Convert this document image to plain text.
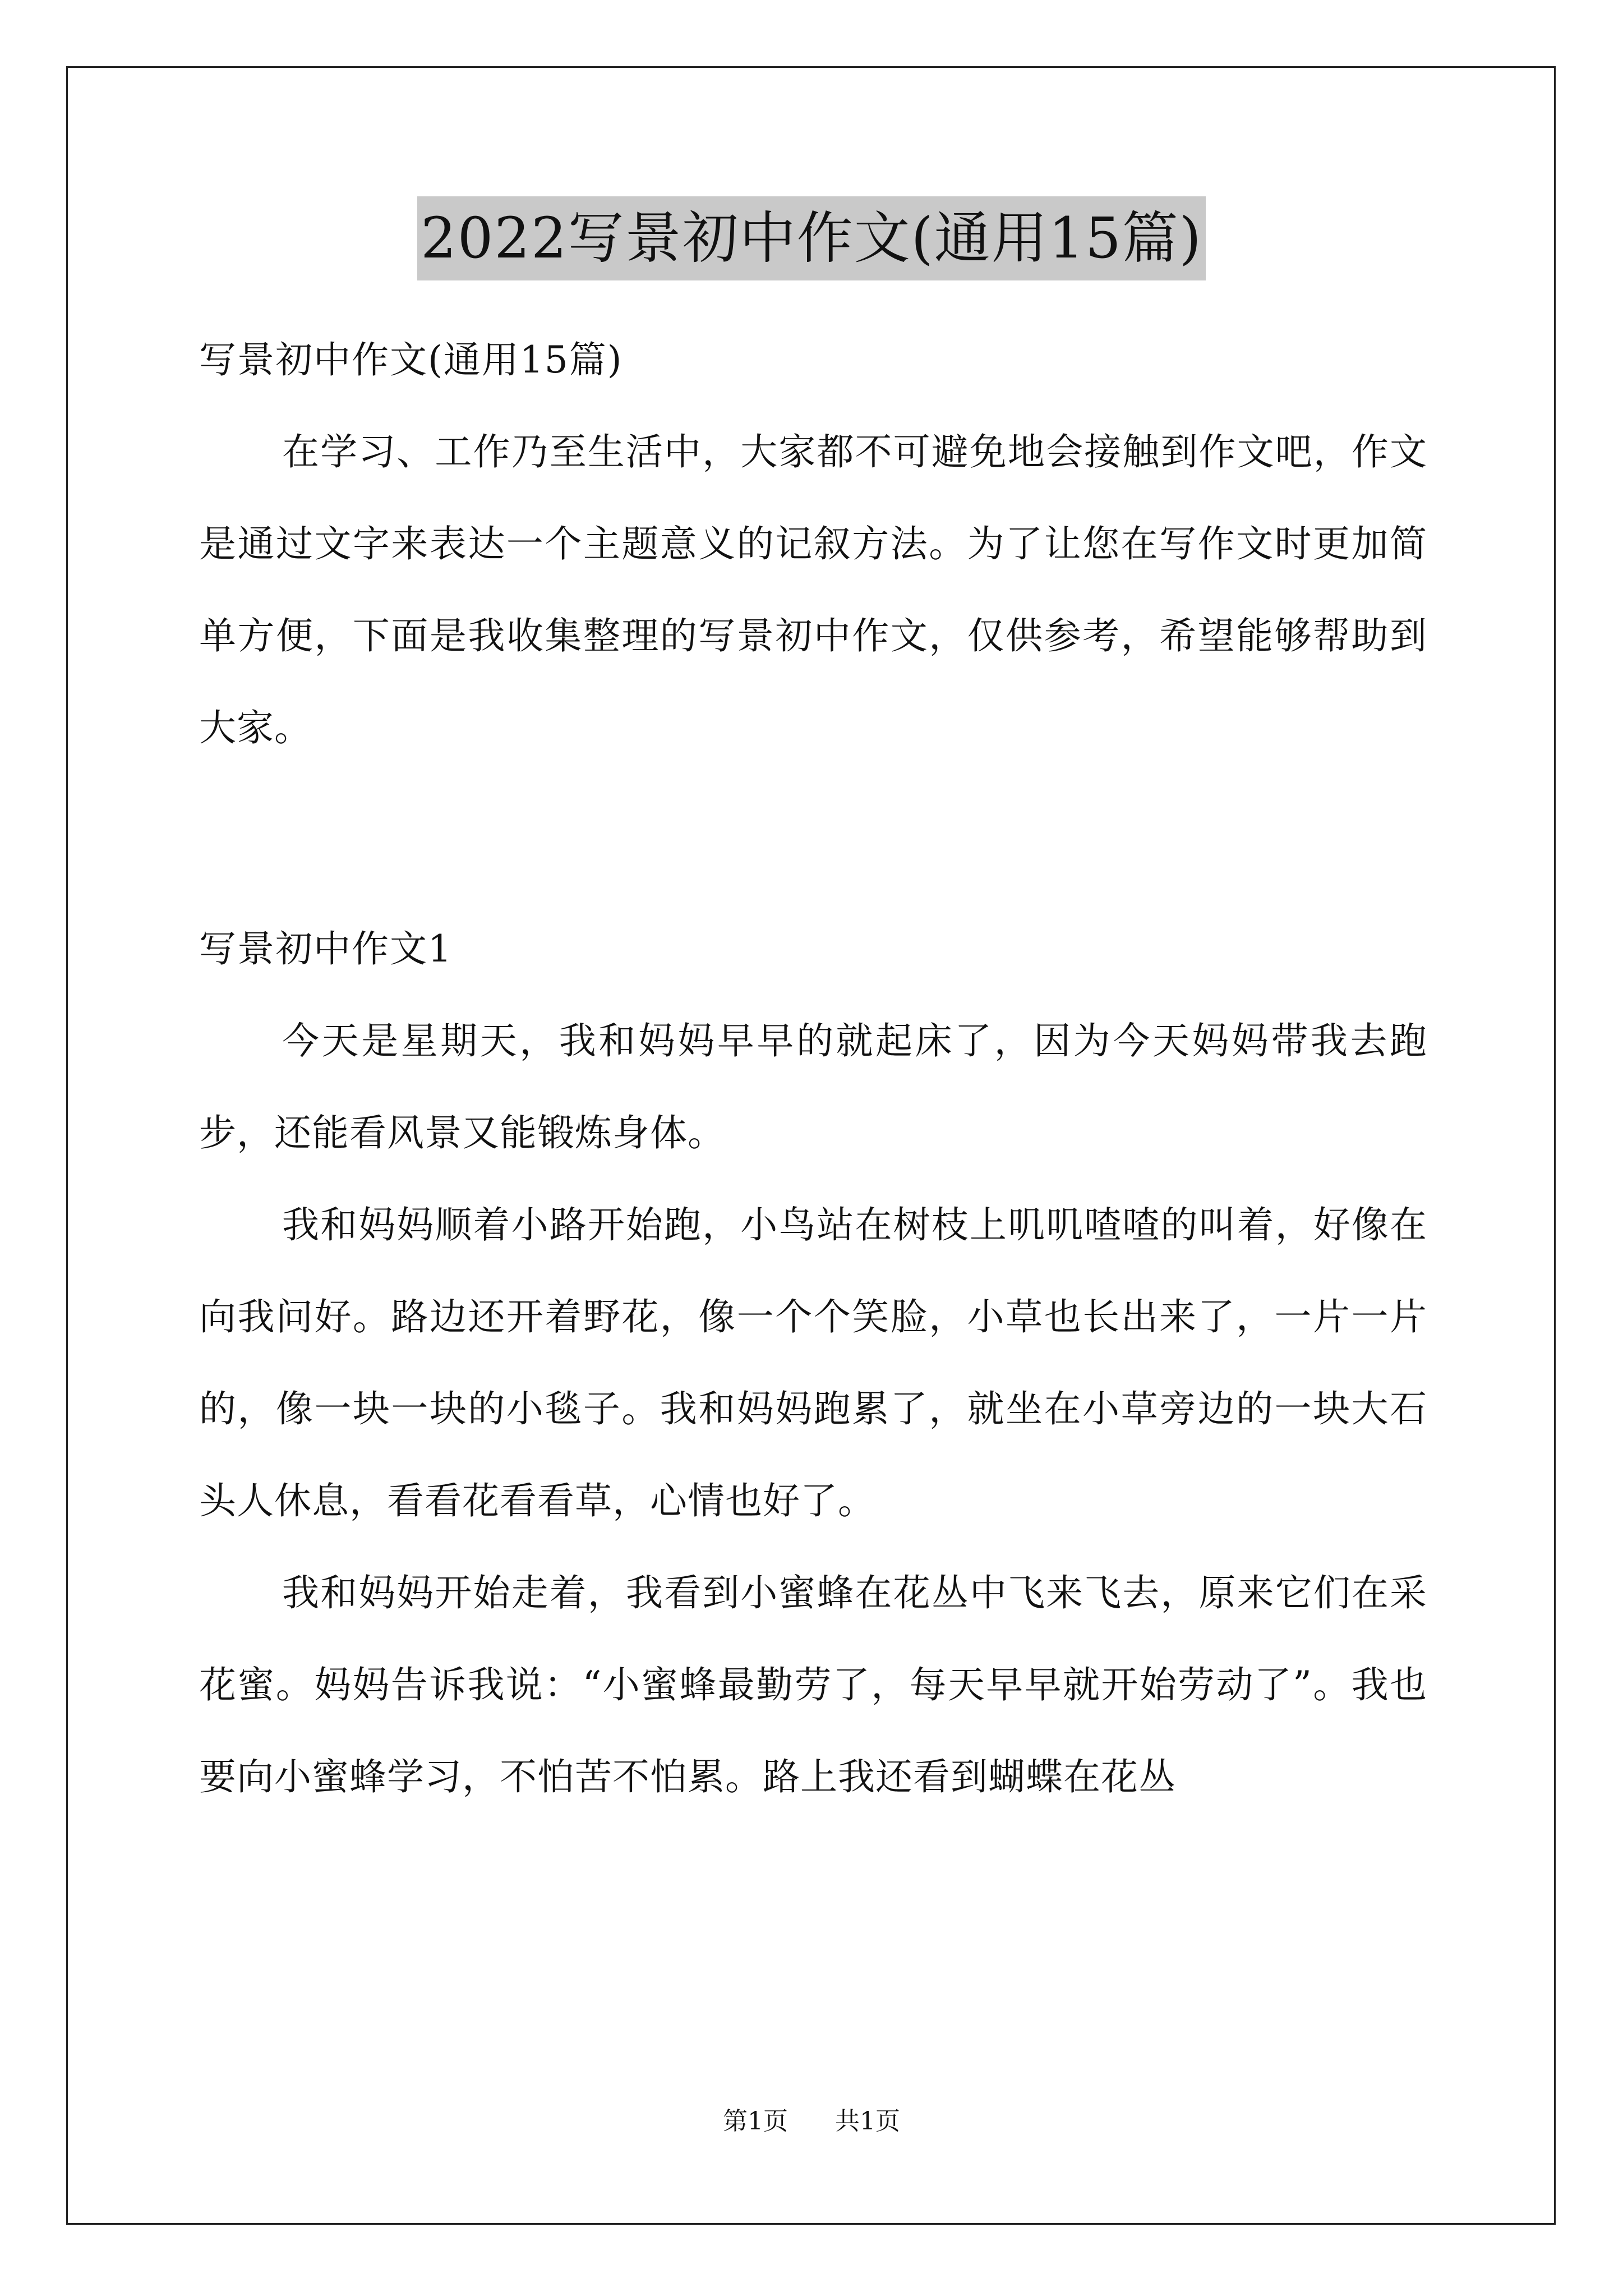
2022写景初中作文(通用15篇)

写景初中作文(通用15篇)

在学习、工作乃至生活中，大家都不可避免地会接触到作文吧，作文是通过文字来表达一个主题意义的记叙方法。为了让您在写作文时更加简单方便，下面是我收集整理的写景初中作文，仅供参考，希望能够帮助到大家。

写景初中作文1

今天是星期天，我和妈妈早早的就起床了，因为今天妈妈带我去跑步，还能看风景又能锻炼身体。

我和妈妈顺着小路开始跑，小鸟站在树枝上叽叽喳喳的叫着，好像在向我问好。路边还开着野花，像一个个笑脸，小草也长出来了，一片一片的，像一块一块的小毯子。我和妈妈跑累了，就坐在小草旁边的一块大石头人休息，看看花看看草，心情也好了。

我和妈妈开始走着，我看到小蜜蜂在花丛中飞来飞去，原来它们在采花蜜。妈妈告诉我说：“小蜜蜂最勤劳了，每天早早就开始劳动了”。我也要向小蜜蜂学习，不怕苦不怕累。路上我还看到蝴蝶在花丛

第1页 共1页
